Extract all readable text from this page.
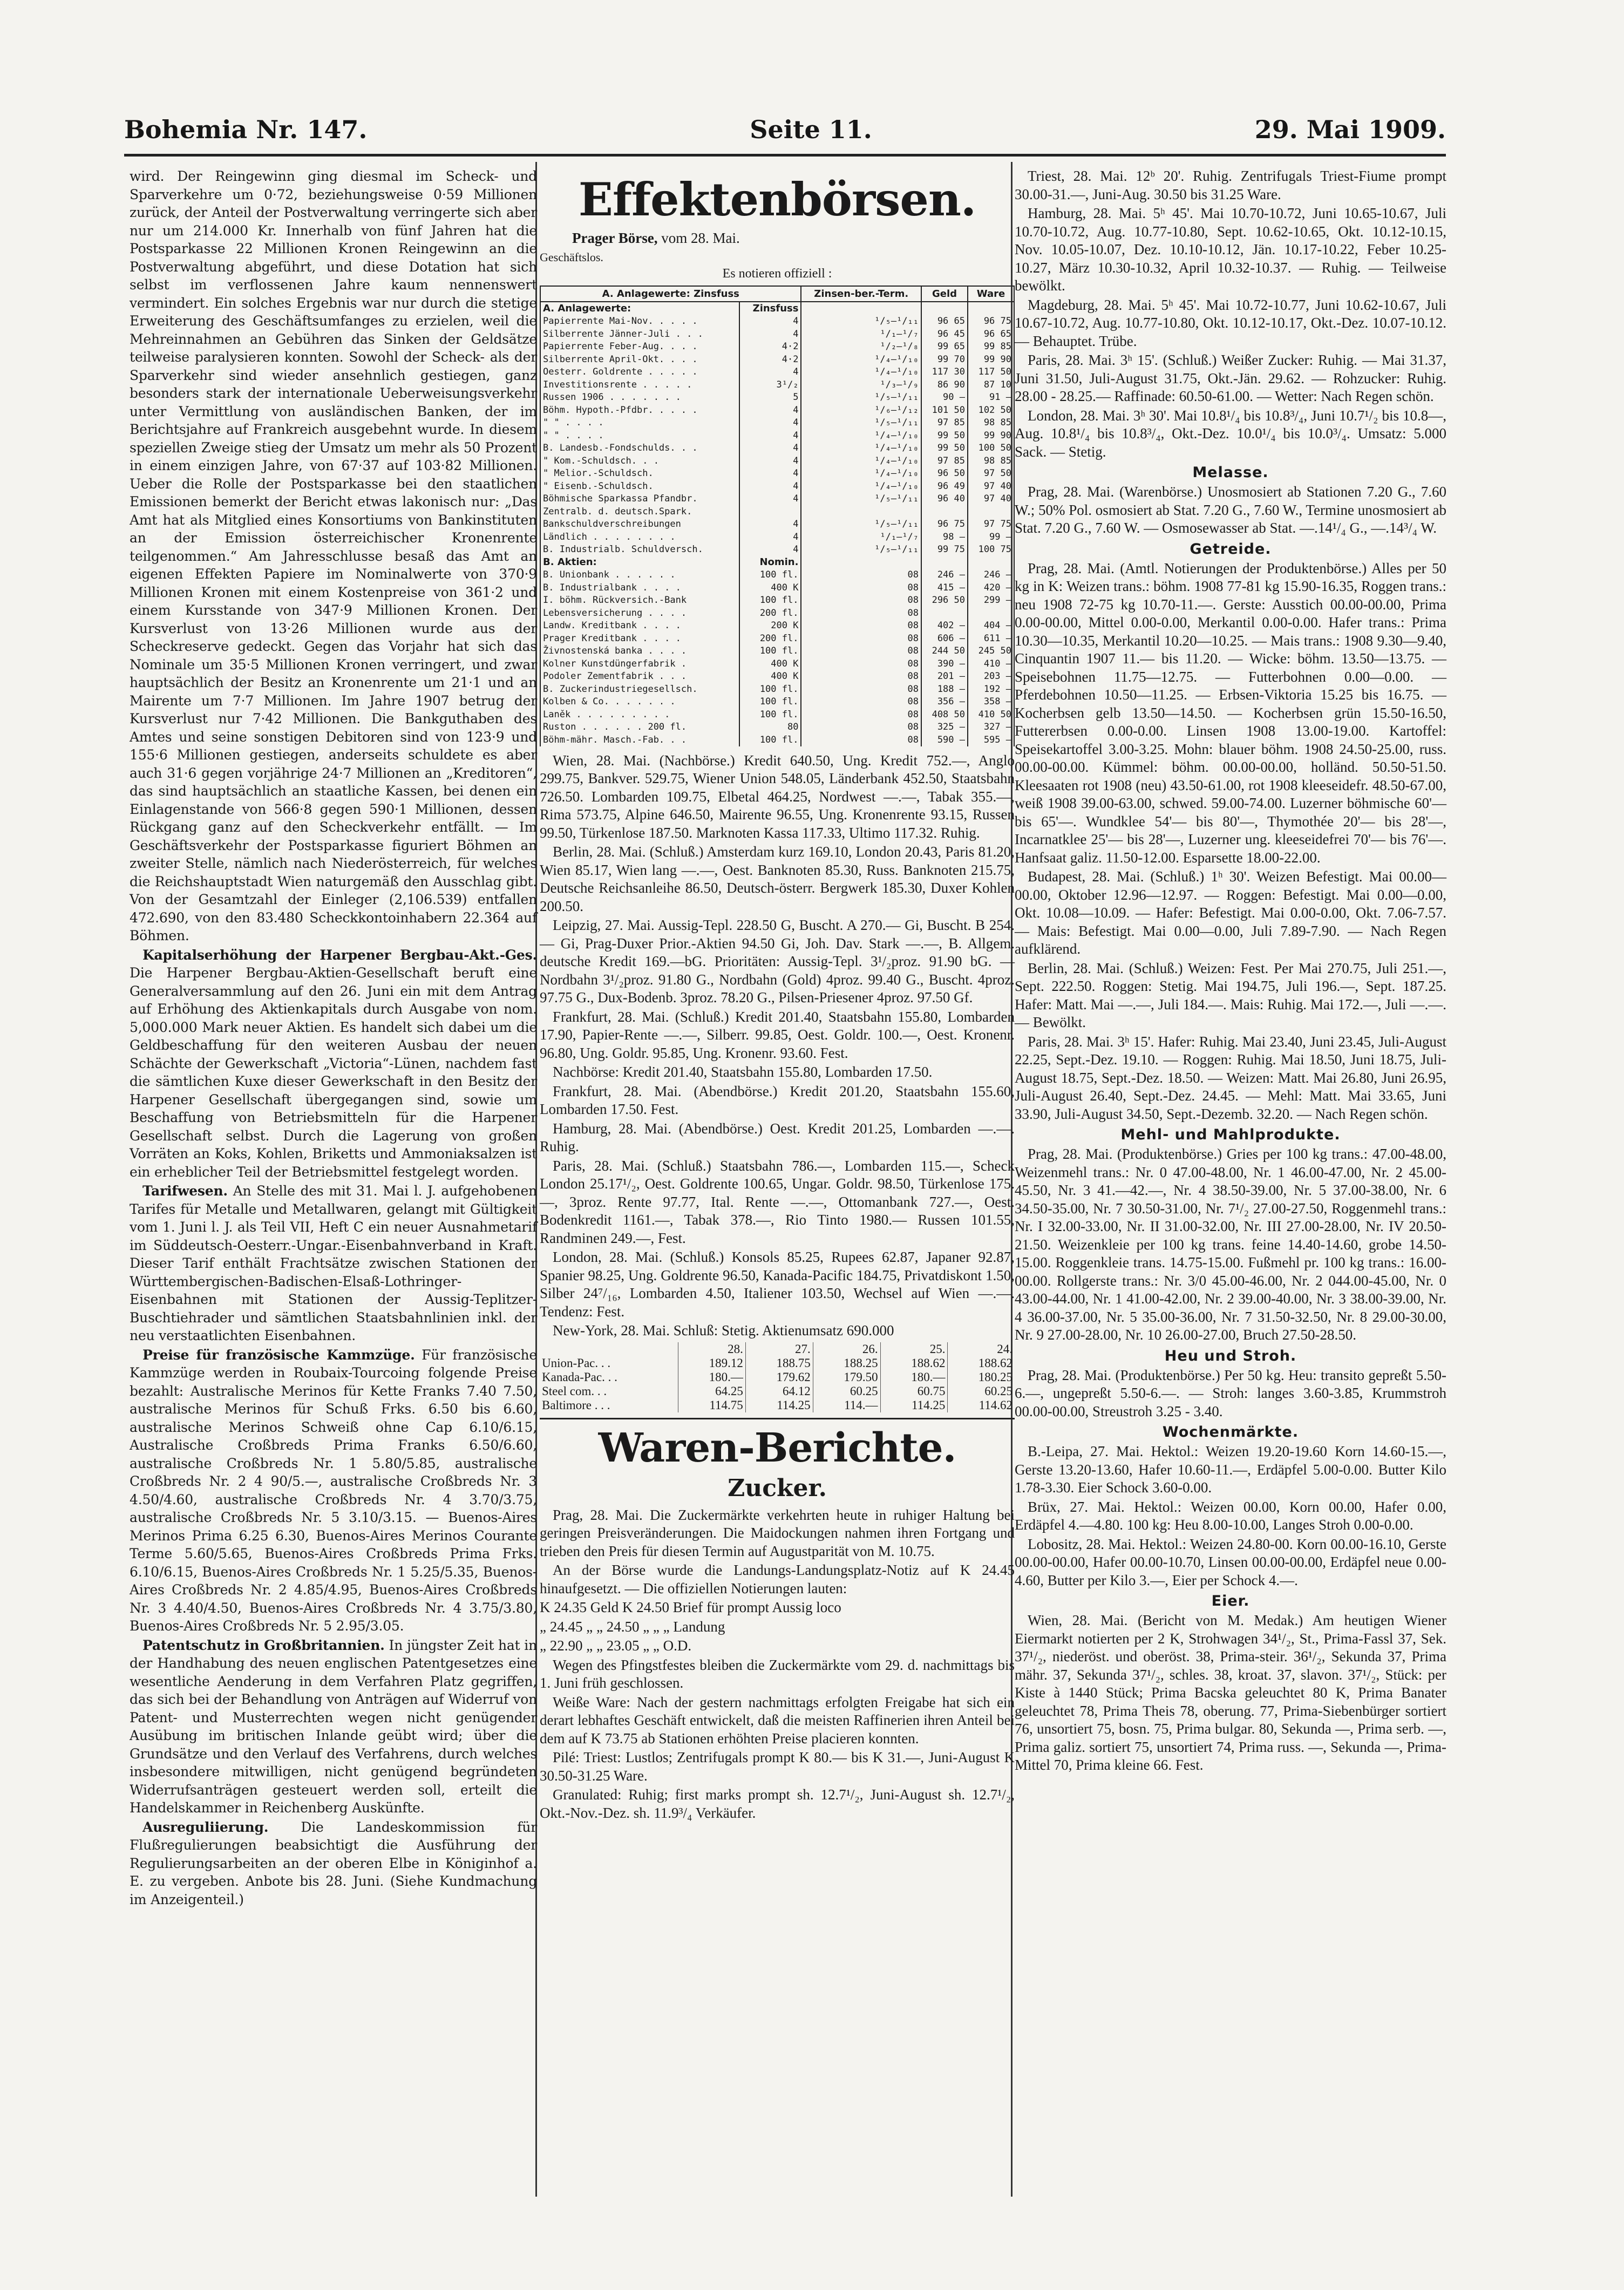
Bohemia Nr. 147.	Seite 11.	29. Mai 1909.

wird. Der Reingewinn ging diesmal im Scheck- und Sparverkehre um 0·72, beziehungsweise 0·59 Millionen zurück, der Anteil der Postverwaltung verringerte sich aber nur um 214.000 Kr. Innerhalb von fünf Jahren hat die Postsparkasse 22 Millionen Kronen Reingewinn an die Postverwaltung abgeführt, und diese Dotation hat sich selbst im verflossenen Jahre kaum nennenswert vermindert. Ein solches Ergebnis war nur durch die stetige Erweiterung des Geschäftsumfanges zu erzielen, weil die Mehreinnahmen an Gebühren das Sinken der Geldsätze teilweise paralysieren konnten. Sowohl der Scheck- als der Sparverkehr sind wieder ansehnlich gestiegen, ganz besonders stark der internationale Ueberweisungsverkehr unter Vermittlung von ausländischen Banken, der im Berichtsjahre auf Frankreich ausgebehnt wurde. In diesem speziellen Zweige stieg der Umsatz um mehr als 50 Prozent in einem einzigen Jahre, von 67·37 auf 103·82 Millionen. Ueber die Rolle der Postsparkasse bei den staatlichen Emissionen bemerkt der Bericht etwas lakonisch nur: „Das Amt hat als Mitglied eines Konsortiums von Bankinstituten an der Emission österreichischer Kronenrente teilgenommen.“ Am Jahresschlusse besaß das Amt an eigenen Effekten Papiere im Nominalwerte von 370·9 Millionen Kronen mit einem Kostenpreise von 361·2 und einem Kursstande von 347·9 Millionen Kronen. Der Kursverlust von 13·26 Millionen wurde aus der Scheckreserve gedeckt. Gegen das Vorjahr hat sich das Nominale um 35·5 Millionen Kronen verringert, und zwar hauptsächlich der Besitz an Kronenrente um 21·1 und an Mairente um 7·7 Millionen. Im Jahre 1907 betrug der Kursverlust nur 7·42 Millionen. Die Bankguthaben des Amtes und seine sonstigen Debitoren sind von 123·9 und 155·6 Millionen gestiegen, anderseits schuldete es aber auch 31·6 gegen vorjährige 24·7 Millionen an „Kreditoren“, das sind hauptsächlich an staatliche Kassen, bei denen ein Einlagenstande von 566·8 gegen 590·1 Millionen, dessen Rückgang ganz auf den Scheckverkehr entfällt. — Im Geschäftsverkehr der Postsparkasse figuriert Böhmen an zweiter Stelle, nämlich nach Niederösterreich, für welches die Reichshauptstadt Wien naturgemäß den Ausschlag gibt. Von der Gesamtzahl der Einleger (2,106.539) entfallen 472.690, von den 83.480 Scheckkontoinhabern 22.364 auf Böhmen.

Kapitalserhöhung der Harpener Bergbau-Akt.-Ges. Die Harpener Bergbau-Aktien-Gesellschaft beruft eine Generalversammlung auf den 26. Juni ein mit dem Antrag auf Erhöhung des Aktienkapitals durch Ausgabe von nom. 5,000.000 Mark neuer Aktien. Es handelt sich dabei um die Geldbeschaffung für den weiteren Ausbau der neuen Schächte der Gewerkschaft „Victoria“-Lünen, nachdem fast die sämtlichen Kuxe dieser Gewerkschaft in den Besitz der Harpener Gesellschaft übergegangen sind, sowie um Beschaffung von Betriebsmitteln für die Harpener Gesellschaft selbst. Durch die Lagerung von großen Vorräten an Koks, Kohlen, Briketts und Ammoniaksalzen ist ein erheblicher Teil der Betriebsmittel festgelegt worden.

Tarifwesen. An Stelle des mit 31. Mai l. J. aufgehobenen Tarifes für Metalle und Metallwaren, gelangt mit Gültigkeit vom 1. Juni l. J. als Teil VII, Heft C ein neuer Ausnahmetarif im Süddeutsch-Oesterr.-Ungar.-Eisenbahnverband in Kraft. Dieser Tarif enthält Frachtsätze zwischen Stationen der Württembergischen-Badischen-Elsaß-Lothringer-Eisenbahnen mit Stationen der Aussig-Teplitzer-Buschtiehrader und sämtlichen Staatsbahnlinien inkl. der neu verstaatlichten Eisenbahnen.

Preise für französische Kammzüge. Für französische Kammzüge werden in Roubaix-Tourcoing folgende Preise bezahlt: Australische Merinos für Kette Franks 7.40 7.50, australische Merinos für Schuß Frks. 6.50 bis 6.60, australische Merinos Schweiß ohne Cap 6.10/6.15, Australische Croßbreds Prima Franks 6.50/6.60, australische Croßbreds Nr. 1 5.80/5.85, australische Croßbreds Nr. 2 4 90/5.—, australische Croßbreds Nr. 3 4.50/4.60, australische Croßbreds Nr. 4 3.70/3.75, australische Croßbreds Nr. 5 3.10/3.15. — Buenos-Aires Merinos Prima 6.25 6.30, Buenos-Aires Merinos Courante Terme 5.60/5.65, Buenos-Aires Croßbreds Prima Frks. 6.10/6.15, Buenos-Aires Croßbreds Nr. 1 5.25/5.35, Buenos-Aires Croßbreds Nr. 2 4.85/4.95, Buenos-Aires Croßbreds Nr. 3 4.40/4.50, Buenos-Aires Croßbreds Nr. 4 3.75/3.80, Buenos-Aires Croßbreds Nr. 5 2.95/3.05.

Patentschutz in Großbritannien. In jüngster Zeit hat in der Handhabung des neuen englischen Patentgesetzes eine wesentliche Aenderung in dem Verfahren Platz gegriffen, das sich bei der Behandlung von Anträgen auf Widerruf von Patent- und Musterrechten wegen nicht genügender Ausübung im britischen Inlande geübt wird; über die Grundsätze und den Verlauf des Verfahrens, durch welches insbesondere mitwilligen, nicht genügend begründeten Widerrufsanträgen gesteuert werden soll, erteilt die Handelskammer in Reichenberg Auskünfte.

Ausreguliierung. Die Landeskommission für Flußregulierungen beabsichtigt die Ausführung der Regulierungsarbeiten an der oberen Elbe in Königinhof a. E. zu vergeben. Anbote bis 28. Juni. (Siehe Kundmachung im Anzeigenteil.)

Effektenbörsen.
Prager Börse, vom 28. Mai.
Geschäftslos.
Es notieren offiziell :
A. Anlagewerte: Zinsfuss		Zinsen-ber.-Term.	Geld	Ware
A. Anlagewerte:	Zinsfuss			
Papierrente Mai-Nov. . . . .	4	¹/₅—¹/₁₁	96 65	96 75
Silberrente Jänner-Juli . . .	4	¹/₁—¹/₇	96 45	96 65
Papierrente Feber-Aug. . . .	4·2	¹/₂—¹/₈	99 65	99 85
Silberrente April-Okt. . . .	4·2	¹/₄—¹/₁₀	99 70	99 90
Oesterr. Goldrente . . . . .	4	¹/₄—¹/₁₀	117 30	117 50
Investitionsrente . . . . .	3¹/₂	¹/₃—¹/₉	86 90	87 10
Russen 1906 . . . . . . .	5	¹/₅—¹/₁₁	90 —	91 —
Böhm. Hypoth.-Pfdbr. . . . .	4	¹/₆—¹/₁₂	101 50	102 50
" " . . . .	4	¹/₅—¹/₁₁	97 85	98 85
" " . . . .	4	¹/₄—¹/₁₀	99 50	99 90
B. Landesb.-Fondschulds. . .	4	¹/₄—¹/₁₀	99 50	100 50
" Kom.-Schuldsch. . .	4	¹/₄—¹/₁₀	97 85	98 85
" Melior.-Schuldsch.	4	¹/₄—¹/₁₀	96 50	97 50
" Eisenb.-Schuldsch.	4	¹/₄—¹/₁₀	96 49	97 40
Böhmische Sparkassa Pfandbr.	4	¹/₅—¹/₁₁	96 40	97 40
Zentralb. d. deutsch.Spark.				
Bankschuldverschreibungen	4	¹/₅—¹/₁₁	96 75	97 75
Ländlich . . . . . . . .	4	¹/₁—¹/₇	98 —	99 —
B. Industrialb. Schuldversch.	4	¹/₅—¹/₁₁	99 75	100 75
B. Aktien:	Nomin.			
B. Unionbank . . . . . .	100 fl.	08	246 —	246 —
B. Industrialbank . . . .	400 K	08	415 —	420 —
I. böhm. Rückversich.-Bank	100 fl.	08	296 50	299 —
Lebensversicherung . . . .	200 fl.	08		
Landw. Kreditbank . . . .	200 K	08	402 —	404 —
Prager Kreditbank . . . .	200 fl.	08	606 —	611 —
Živnostenská banka . . . .	100 fl.	08	244 50	245 50
Kolner Kunstdüngerfabrik .	400 K	08	390 —	410 —
Podoler Zementfabrik . . .	400 K	08	201 —	203 —
B. Zuckerindustriegesellsch.	100 fl.	08	188 —	192 —
Kolben & Co. . . . . . .	100 fl.	08	356 —	358 —
Laněk . . . . . . . . .	100 fl.	08	408 50	410 50
Ruston . . . . . . 200 fl.	80	08	325 —	327 —
Böhm-mähr. Masch.-Fab. . .	100 fl.	08	590 —	595 —

Wien, 28. Mai. (Nachbörse.) Kredit 640.50, Ung. Kredit 752.—, Anglo 299.75, Bankver. 529.75, Wiener Union 548.05, Länderbank 452.50, Staatsbahn 726.50. Lombarden 109.75, Elbetal 464.25, Nordwest —.—, Tabak 355.—, Rima 573.75, Alpine 646.50, Mairente 96.55, Ung. Kronenrente 93.15, Russen 99.50, Türkenlose 187.50. Marknoten Kassa 117.33, Ultimo 117.32. Ruhig.

Berlin, 28. Mai. (Schluß.) Amsterdam kurz 169.10, London 20.43, Paris 81.20, Wien 85.17, Wien lang —.—, Oest. Banknoten 85.30, Russ. Banknoten 215.75, Deutsche Reichsanleihe 86.50, Deutsch-österr. Bergwerk 185.30, Duxer Kohlen 200.50.

Leipzig, 27. Mai. Aussig-Tepl. 228.50 G, Buscht. A 270.— Gi, Buscht. B 254.— Gi, Prag-Duxer Prior.-Aktien 94.50 Gi, Joh. Dav. Stark —.—, B. Allgem. deutsche Kredit 169.—bG. Prioritäten: Aussig-Tepl. 3¹/₂proz. 91.90 bG. — Nordbahn 3¹/₂proz. 91.80 G., Nordbahn (Gold) 4proz. 99.40 G., Buscht. 4proz. 97.75 G., Dux-Bodenb. 3proz. 78.20 G., Pilsen-Priesener 4proz. 97.50 Gf.

Frankfurt, 28. Mai. (Schluß.) Kredit 201.40, Staatsbahn 155.80, Lombarden 17.90, Papier-Rente —.—, Silberr. 99.85, Oest. Goldr. 100.—, Oest. Kronenr. 96.80, Ung. Goldr. 95.85, Ung. Kronenr. 93.60. Fest.

Nachbörse: Kredit 201.40, Staatsbahn 155.80, Lombarden 17.50.

Frankfurt, 28. Mai. (Abendbörse.) Kredit 201.20, Staatsbahn 155.60, Lombarden 17.50. Fest.

Hamburg, 28. Mai. (Abendbörse.) Oest. Kredit 201.25, Lombarden —.—. Ruhig.

Paris, 28. Mai. (Schluß.) Staatsbahn 786.—, Lombarden 115.—, Scheck London 25.17¹/₂, Oest. Goldrente 100.65, Ungar. Goldr. 98.50, Türkenlose 175.—, 3proz. Rente 97.77, Ital. Rente —.—, Ottomanbank 727.—, Oest. Bodenkredit 1161.—, Tabak 378.—, Rio Tinto 1980.— Russen 101.55, Randminen 249.—, Fest.

London, 28. Mai. (Schluß.) Konsols 85.25, Rupees 62.87, Japaner 92.87, Spanier 98.25, Ung. Goldrente 96.50, Kanada-Pacific 184.75, Privatdiskont 1.50, Silber 24⁷/₁₆, Lombarden 4.50, Italiener 103.50, Wechsel auf Wien —.—. Tendenz: Fest.

New-York, 28. Mai. Schluß: Stetig. Aktienumsatz 690.000

	28.	27.	26.	25.	24.
Union-Pac. . .	189.12	188.75	188.25	188.62	188.62
Kanada-Pac. . .	180.—	179.62	179.50	180.—	180.25
Steel com. . .	64.25	64.12	60.25	60.75	60.25
Baltimore . . .	114.75	114.25	114.—	114.25	114.62
Waren-Berichte.
Zucker.

Prag, 28. Mai. Die Zuckermärkte verkehrten heute in ruhiger Haltung bei geringen Preisveränderungen. Die Maidockungen nahmen ihren Fortgang und trieben den Preis für diesen Termin auf Augustparität von M. 10.75.

An der Börse wurde die Landungs-Landungsplatz-Notiz auf K 24.45 hinaufgesetzt. — Die offiziellen Notierungen lauten:

K 24.35 Geld K 24.50 Brief für prompt Aussig loco

„ 24.45 „ „ 24.50 „ „ „ Landung

„ 22.90 „ „ 23.05 „ „ O.D.

Wegen des Pfingstfestes bleiben die Zuckermärkte vom 29. d. nachmittags bis 1. Juni früh geschlossen.

Weiße Ware: Nach der gestern nachmittags erfolgten Freigabe hat sich ein derart lebhaftes Geschäft entwickelt, daß die meisten Raffinerien ihren Anteil bei dem auf K 73.75 ab Stationen erhöhten Preise placieren konnten.

Pilé: Triest: Lustlos; Zentrifugals prompt K 80.— bis K 31.—, Juni-August K 30.50-31.25 Ware.

Granulated: Ruhig; first marks prompt sh. 12.7¹/₂, Juni-August sh. 12.7¹/₂, Okt.-Nov.-Dez. sh. 11.9³/₄ Verkäufer.

Triest, 28. Mai. 12ᵇ 20'. Ruhig. Zentrifugals Triest-Fiume prompt 30.00-31.—, Juni-Aug. 30.50 bis 31.25 Ware.

Hamburg, 28. Mai. 5ʰ 45'. Mai 10.70-10.72, Juni 10.65-10.67, Juli 10.70-10.72, Aug. 10.77-10.80, Sept. 10.62-10.65, Okt. 10.12-10.15, Nov. 10.05-10.07, Dez. 10.10-10.12, Jän. 10.17-10.22, Feber 10.25-10.27, März 10.30-10.32, April 10.32-10.37. — Ruhig. — Teilweise bewölkt.

Magdeburg, 28. Mai. 5ʰ 45'. Mai 10.72-10.77, Juni 10.62-10.67, Juli 10.67-10.72, Aug. 10.77-10.80, Okt. 10.12-10.17, Okt.-Dez. 10.07-10.12. — Behauptet. Trübe.

Paris, 28. Mai. 3ʰ 15'. (Schluß.) Weißer Zucker: Ruhig. — Mai 31.37, Juni 31.50, Juli-August 31.75, Okt.-Jän. 29.62. — Rohzucker: Ruhig. 28.00 - 28.25.— Raffinade: 60.50-61.00. — Wetter: Nach Regen schön.

London, 28. Mai. 3ʰ 30'. Mai 10.8¹/₄ bis 10.8³/₄, Juni 10.7¹/₂ bis 10.8—, Aug. 10.8¹/₄ bis 10.8³/₄, Okt.-Dez. 10.0¹/₄ bis 10.0³/₄. Umsatz: 5.000 Sack. — Stetig.

Melasse.

Prag, 28. Mai. (Warenbörse.) Unosmosiert ab Stationen 7.20 G., 7.60 W.; 50% Pol. osmosiert ab Stat. 7.20 G., 7.60 W., Termine unosmosiert ab Stat. 7.20 G., 7.60 W. — Osmosewasser ab Stat. —.14¹/₄ G., —.14³/₄ W.

Getreide.

Prag, 28. Mai. (Amtl. Notierungen der Produktenbörse.) Alles per 50 kg in K: Weizen trans.: böhm. 1908 77-81 kg 15.90-16.35, Roggen trans.: neu 1908 72-75 kg 10.70-11.—. Gerste: Ausstich 00.00-00.00, Prima 0.00-00.00, Mittel 0.00-0.00, Merkantil 0.00-0.00. Hafer trans.: Prima 10.30—10.35, Merkantil 10.20—10.25. — Mais trans.: 1908 9.30—9.40, Cinquantin 1907 11.— bis 11.20. — Wicke: böhm. 13.50—13.75. — Speisebohnen 11.75—12.75. — Futterbohnen 0.00—0.00. — Pferdebohnen 10.50—11.25. — Erbsen-Viktoria 15.25 bis 16.75. — Kocherbsen gelb 13.50—14.50. — Kocherbsen grün 15.50-16.50, Futtererbsen 0.00-0.00. Linsen 1908 13.00-19.00. Kartoffel: Speisekartoffel 3.00-3.25. Mohn: blauer böhm. 1908 24.50-25.00, russ. 00.00-00.00. Kümmel: böhm. 00.00-00.00, holländ. 50.50-51.50. Kleesaaten rot 1908 (neu) 43.50-61.00, rot 1908 kleeseidefr. 48.50-67.00, weiß 1908 39.00-63.00, schwed. 59.00-74.00. Luzerner böhmische 60'— bis 65'—. Wundklee 54'— bis 80'—, Thymothée 20'— bis 28'—, Incarnatklee 25'— bis 28'—, Luzerner ung. kleeseidefrei 70'— bis 76'—. Hanfsaat galiz. 11.50-12.00. Esparsette 18.00-22.00.

Budapest, 28. Mai. (Schluß.) 1ʰ 30'. Weizen Befestigt. Mai 00.00—00.00, Oktober 12.96—12.97. — Roggen: Befestigt. Mai 0.00—0.00, Okt. 10.08—10.09. — Hafer: Befestigt. Mai 0.00-0.00, Okt. 7.06-7.57. — Mais: Befestigt. Mai 0.00—0.00, Juli 7.89-7.90. — Nach Regen aufklärend.

Berlin, 28. Mai. (Schluß.) Weizen: Fest. Per Mai 270.75, Juli 251.—, Sept. 222.50. Roggen: Stetig. Mai 194.75, Juli 196.—, Sept. 187.25. Hafer: Matt. Mai —.—, Juli 184.—. Mais: Ruhig. Mai 172.—, Juli —.—. — Bewölkt.

Paris, 28. Mai. 3ʰ 15'. Hafer: Ruhig. Mai 23.40, Juni 23.45, Juli-August 22.25, Sept.-Dez. 19.10. — Roggen: Ruhig. Mai 18.50, Juni 18.75, Juli-August 18.75, Sept.-Dez. 18.50. — Weizen: Matt. Mai 26.80, Juni 26.95, Juli-August 26.40, Sept.-Dez. 24.45. — Mehl: Matt. Mai 33.65, Juni 33.90, Juli-August 34.50, Sept.-Dezemb. 32.20. — Nach Regen schön.

Mehl- und Mahlprodukte.

Prag, 28. Mai. (Produktenbörse.) Gries per 100 kg trans.: 47.00-48.00, Weizenmehl trans.: Nr. 0 47.00-48.00, Nr. 1 46.00-47.00, Nr. 2 45.00-45.50, Nr. 3 41.—42.—, Nr. 4 38.50-39.00, Nr. 5 37.00-38.00, Nr. 6 34.50-35.00, Nr. 7 30.50-31.00, Nr. 7¹/₂ 27.00-27.50, Roggenmehl trans.: Nr. I 32.00-33.00, Nr. II 31.00-32.00, Nr. III 27.00-28.00, Nr. IV 20.50-21.50. Weizenkleie per 100 kg trans. feine 14.40-14.60, grobe 14.50-15.00. Roggenkleie trans. 14.75-15.00. Fußmehl pr. 100 kg trans.: 16.00-00.00. Rollgerste trans.: Nr. 3/0 45.00-46.00, Nr. 2 044.00-45.00, Nr. 0 43.00-44.00, Nr. 1 41.00-42.00, Nr. 2 39.00-40.00, Nr. 3 38.00-39.00, Nr. 4 36.00-37.00, Nr. 5 35.00-36.00, Nr. 7 31.50-32.50, Nr. 8 29.00-30.00, Nr. 9 27.00-28.00, Nr. 10 26.00-27.00, Bruch 27.50-28.50.

Heu und Stroh.

Prag, 28. Mai. (Produktenbörse.) Per 50 kg. Heu: transito gepreßt 5.50-6.—, ungepreßt 5.50-6.—. — Stroh: langes 3.60-3.85, Krummstroh 00.00-00.00, Streustroh 3.25 - 3.40.

Wochenmärkte.

B.-Leipa, 27. Mai. Hektol.: Weizen 19.20-19.60 Korn 14.60-15.—, Gerste 13.20-13.60, Hafer 10.60-11.—, Erdäpfel 5.00-0.00. Butter Kilo 1.78-3.30. Eier Schock 3.60-0.00.

Brüx, 27. Mai. Hektol.: Weizen 00.00, Korn 00.00, Hafer 0.00, Erdäpfel 4.—4.80. 100 kg: Heu 8.00-10.00, Langes Stroh 0.00-0.00.

Lobositz, 28. Mai. Hektol.: Weizen 24.80-00. Korn 00.00-16.10, Gerste 00.00-00.00, Hafer 00.00-10.70, Linsen 00.00-00.00, Erdäpfel neue 0.00-4.60, Butter per Kilo 3.—, Eier per Schock 4.—.

Eier.

Wien, 28. Mai. (Bericht von M. Medak.) Am heutigen Wiener Eiermarkt notierten per 2 K, Strohwagen 34¹/₂, St., Prima-Fassl 37, Sek. 37¹/₂, niederöst. und oberöst. 38, Prima-steir. 36¹/₂, Sekunda 37, Prima mähr. 37, Sekunda 37¹/₂, schles. 38, kroat. 37, slavon. 37¹/₂, Stück: per Kiste à 1440 Stück; Prima Bacska geleuchtet 80 K, Prima Banater geleuchtet 78, Prima Theis 78, oberung. 77, Prima-Siebenbürger sortiert 76, unsortiert 75, bosn. 75, Prima bulgar. 80, Sekunda —, Prima serb. —, Prima galiz. sortiert 75, unsortiert 74, Prima russ. —, Sekunda —, Prima-Mittel 70, Prima kleine 66. Fest.
